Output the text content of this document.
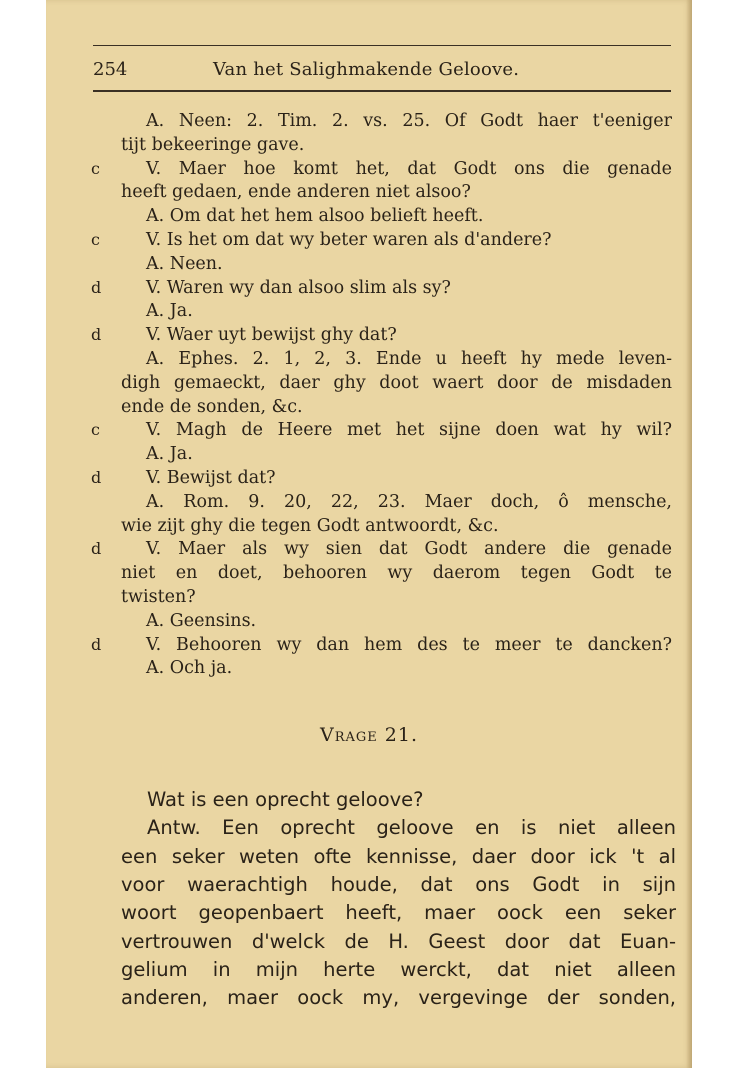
254	Van het Salighmakende Geloove.
A. Neen: 2. Tim. 2. vs. 25. Of Godt haer t'eeniger
tijt bekeeringe gave.
c	V. Maer hoe komt het, dat Godt ons die genade
heeft gedaen, ende anderen niet alsoo?
A. Om dat het hem alsoo belieft heeft.
c	V. Is het om dat wy beter waren als d'andere?
A. Neen.
d	V. Waren wy dan alsoo slim als sy?
A. Ja.
d	V. Waer uyt bewijst ghy dat?
A. Ephes. 2. 1, 2, 3. Ende u heeft hy mede leven-
digh gemaeckt, daer ghy doot waert door de misdaden
ende de sonden, &c.
c	V. Magh de Heere met het sijne doen wat hy wil?
A. Ja.
d	V. Bewijst dat?
A. Rom. 9. 20, 22, 23. Maer doch, ô mensche,
wie zijt ghy die tegen Godt antwoordt, &c.
d	V. Maer als wy sien dat Godt andere die genade
niet en doet, behooren wy daerom tegen Godt te
twisten?
A. Geensins.
d	V. Behooren wy dan hem des te meer te dancken?
A. Och ja.
Vrage 21.
Wat is een oprecht geloove?
Antw. Een oprecht geloove en is niet alleen
een seker weten ofte kennisse, daer door ick 't al
voor waerachtigh houde, dat ons Godt in sijn
woort geopenbaert heeft, maer oock een seker
vertrouwen d'welck de H. Geest door dat Euan-
gelium in mijn herte werckt, dat niet alleen
anderen, maer oock my, vergevinge der sonden,
